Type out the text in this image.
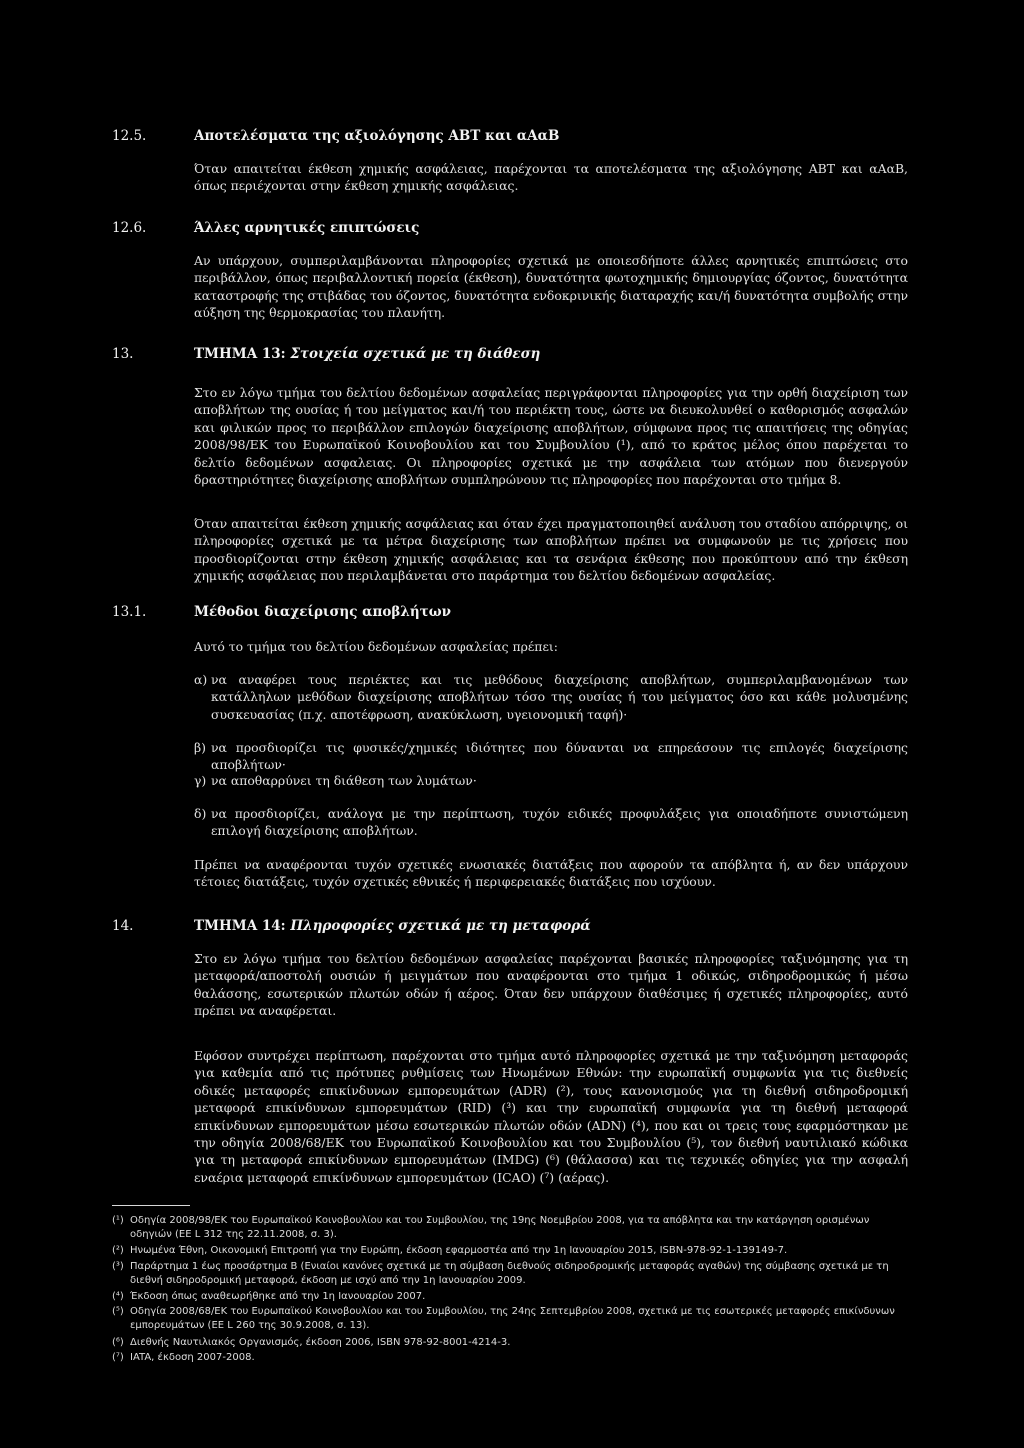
12.5.	Αποτελέσματα της αξιολόγησης ΑΒΤ και αΑαΒ

Όταν απαιτείται έκθεση χημικής ασφάλειας, παρέχονται τα αποτελέσματα της αξιολόγησης ΑΒΤ και αΑαΒ, όπως περιέχονται στην έκθεση χημικής ασφάλειας.

12.6.	Άλλες αρνητικές επιπτώσεις

Αν υπάρχουν, συμπεριλαμβάνονται πληροφορίες σχετικά με οποιεσδήποτε άλλες αρνητικές επιπτώσεις στο περιβάλλον, όπως περιβαλλοντική πορεία (έκθεση), δυνατότητα φωτοχημικής δημιουργίας όζοντος, δυνατότητα καταστροφής της στιβάδας του όζοντος, δυνατότητα ενδοκρινικής διαταραχής και/ή δυνατότητα συμβολής στην αύξηση της θερμοκρασίας του πλανήτη.

13.	ΤΜΗΜΑ 13: Στοιχεία σχετικά με τη διάθεση

Στο εν λόγω τμήμα του δελτίου δεδομένων ασφαλείας περιγράφονται πληροφορίες για την ορθή διαχείριση των αποβλήτων της ουσίας ή του μείγματος και/ή του περιέκτη τους, ώστε να διευκολυνθεί ο καθορισμός ασφαλών και φιλικών προς το περιβάλλον επιλογών διαχείρισης αποβλήτων, σύμφωνα προς τις απαιτήσεις της οδηγίας 2008/98/ΕΚ του Ευρωπαϊκού Κοινοβουλίου και του Συμβουλίου (¹), από το κράτος μέλος όπου παρέχεται το δελτίο δεδομένων ασφαλειας. Οι πληροφορίες σχετικά με την ασφάλεια των ατόμων που διενεργούν δραστηριότητες διαχείρισης αποβλήτων συμπληρώνουν τις πληροφορίες που παρέχονται στο τμήμα 8.

Όταν απαιτείται έκθεση χημικής ασφάλειας και όταν έχει πραγματοποιηθεί ανάλυση του σταδίου απόρριψης, οι πληροφορίες σχετικά με τα μέτρα διαχείρισης των αποβλήτων πρέπει να συμφωνούν με τις χρήσεις που προσδιορίζονται στην έκθεση χημικής ασφάλειας και τα σενάρια έκθεσης που προκύπτουν από την έκθεση χημικής ασφάλειας που περιλαμβάνεται στο παράρτημα του δελτίου δεδομένων ασφαλείας.

13.1.	Μέθοδοι διαχείρισης αποβλήτων

Αυτό το τμήμα του δελτίου δεδομένων ασφαλείας πρέπει:

α) να αναφέρει τους περιέκτες και τις μεθόδους διαχείρισης αποβλήτων, συμπεριλαμβανομένων των κατάλληλων μεθόδων διαχείρισης αποβλήτων τόσο της ουσίας ή του μείγματος όσο και κάθε μολυσμένης συσκευασίας (π.χ. αποτέφρωση, ανακύκλωση, υγειονομική ταφή)·
β) να προσδιορίζει τις φυσικές/χημικές ιδιότητες που δύνανται να επηρεάσουν τις επιλογές διαχείρισης αποβλήτων·
γ) να αποθαρρύνει τη διάθεση των λυμάτων·
δ) να προσδιορίζει, ανάλογα με την περίπτωση, τυχόν ειδικές προφυλάξεις για οποιαδήποτε συνιστώμενη επιλογή διαχείρισης αποβλήτων.

Πρέπει να αναφέρονται τυχόν σχετικές ενωσιακές διατάξεις που αφορούν τα απόβλητα ή, αν δεν υπάρχουν τέτοιες διατάξεις, τυχόν σχετικές εθνικές ή περιφερειακές διατάξεις που ισχύουν.

14.	ΤΜΗΜΑ 14: Πληροφορίες σχετικά με τη μεταφορά

Στο εν λόγω τμήμα του δελτίου δεδομένων ασφαλείας παρέχονται βασικές πληροφορίες ταξινόμησης για τη μεταφορά/αποστολή ουσιών ή μειγμάτων που αναφέρονται στο τμήμα 1 οδικώς, σιδηροδρομικώς ή μέσω θαλάσσης, εσωτερικών πλωτών οδών ή αέρος. Όταν δεν υπάρχουν διαθέσιμες ή σχετικές πληροφορίες, αυτό πρέπει να αναφέρεται.

Εφόσον συντρέχει περίπτωση, παρέχονται στο τμήμα αυτό πληροφορίες σχετικά με την ταξινόμηση μεταφοράς για καθεμία από τις πρότυπες ρυθμίσεις των Ηνωμένων Εθνών: την ευρωπαϊκή συμφωνία για τις διεθνείς οδικές μεταφορές επικίνδυνων εμπορευμάτων (ADR) (²), τους κανονισμούς για τη διεθνή σιδηροδρομική μεταφορά επικίνδυνων εμπορευμάτων (RID) (³) και την ευρωπαϊκή συμφωνία για τη διεθνή μεταφορά επικίνδυνων εμπορευμάτων μέσω εσωτερικών πλωτών οδών (ADN) (⁴), που και οι τρεις τους εφαρμόστηκαν με την οδηγία 2008/68/ΕΚ του Ευρωπαϊκού Κοινοβουλίου και του Συμβουλίου (⁵), τον διεθνή ναυτιλιακό κώδικα για τη μεταφορά επικίνδυνων εμπορευμάτων (IMDG) (⁶) (θάλασσα) και τις τεχνικές οδηγίες για την ασφαλή εναέρια μεταφορά επικίνδυνων εμπορευμάτων (ICAO) (⁷) (αέρας).

(¹) Οδηγία 2008/98/ΕΚ του Ευρωπαϊκού Κοινοβουλίου και του Συμβουλίου, της 19ης Νοεμβρίου 2008, για τα απόβλητα και την κατάργηση ορισμένων οδηγιών (ΕΕ L 312 της 22.11.2008, σ. 3).
(²) Ηνωμένα Έθνη, Οικονομική Επιτροπή για την Ευρώπη, έκδοση εφαρμοστέα από την 1η Ιανουαρίου 2015, ISBN-978-92-1-139149-7.
(³) Παράρτημα 1 έως προσάρτημα Β (Ενιαίοι κανόνες σχετικά με τη σύμβαση διεθνούς σιδηροδρομικής μεταφοράς αγαθών) της σύμβασης σχετικά με τη διεθνή σιδηροδρομική μεταφορά, έκδοση με ισχύ από την 1η Ιανουαρίου 2009.
(⁴) Έκδοση όπως αναθεωρήθηκε από την 1η Ιανουαρίου 2007.
(⁵) Οδηγία 2008/68/ΕΚ του Ευρωπαϊκού Κοινοβουλίου και του Συμβουλίου, της 24ης Σεπτεμβρίου 2008, σχετικά με τις εσωτερικές μεταφορές επικίνδυνων εμπορευμάτων (ΕΕ L 260 της 30.9.2008, σ. 13).
(⁶) Διεθνής Ναυτιλιακός Οργανισμός, έκδοση 2006, ISBN 978-92-8001-4214-3.
(⁷) IATA, έκδοση 2007-2008.
